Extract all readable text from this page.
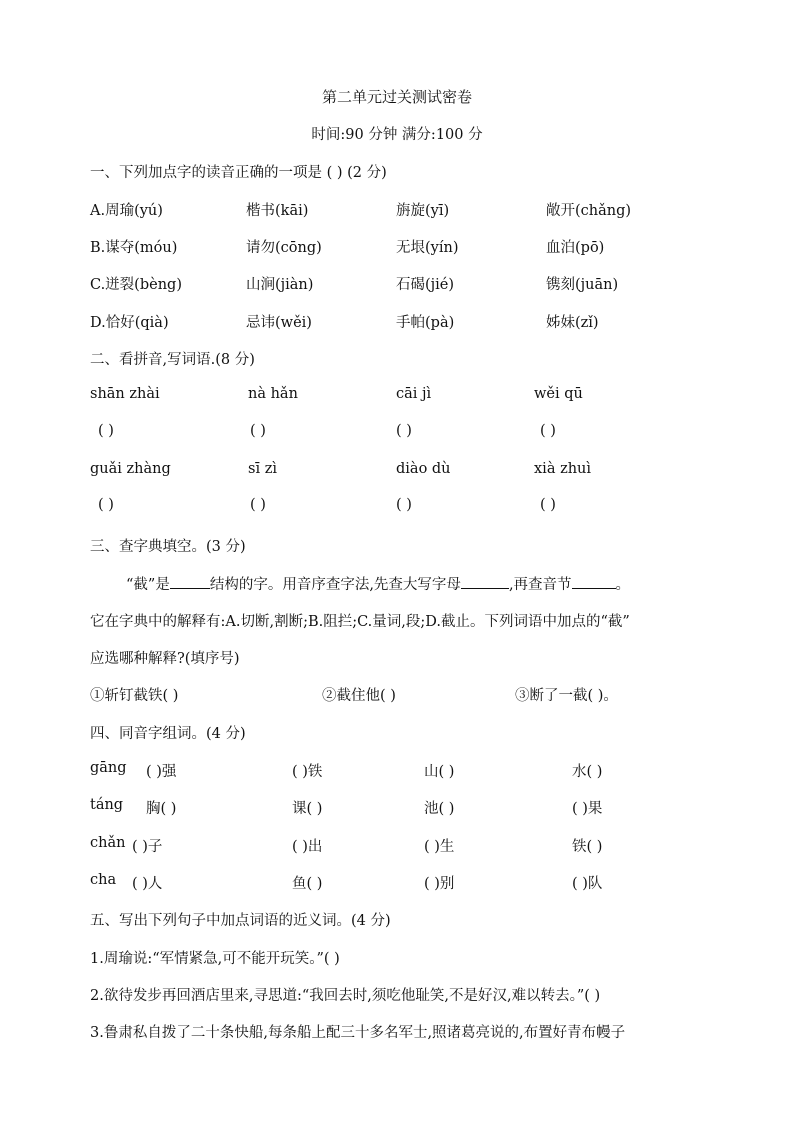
第二单元过关测试密卷
时间:90 分钟 满分:100 分
一、下列加点字的读音正确的一项是 ( ) (2 分)
A.周瑜(yú)	楷书(kāi)	旃旋(yī)	敞开(chǎng)
B.谋夺(móu)	请勿(cōng)	无垠(yín)	血泊(pō)
C.迸裂(bèng)	山涧(jiàn)	石碣(jié)	镌刻(juān)
D.恰好(qià)	忌讳(wěi)	手帕(pà)	姊妹(zǐ)
二、看拼音,写词语.(8 分)
shān zhài	nà hǎn	cāi jì	wěi qū
( )	( )	( )	( )
guǎi zhàng	sī zì	diào dù	xià zhuì
( )	( )	( )	( )
三、查字典填空。(3 分)
“截”是	结构的字。用音序查字法,先查大写字母	,再查音节	。
它在字典中的解释有:A.切断,割断;B.阻拦;C.量词,段;D.截止。下列词语中加点的“截”
应选哪种解释?(填序号)
①斩钉截铁( )	②截住他( )	③断了一截( )。
四、同音字组词。(4 分)
gāng ( )强	( )铁	山( )	水( )
táng 胸( )	课( )	池( )	( )果
chǎn ( )子	( )出	( )生	铁( )
cha ( )人	鱼( )	( )别	( )队
五、写出下列句子中加点词语的近义词。(4 分)
1.周瑜说:“军情紧急,可不能开玩笑。”( )
2.欲待发步再回酒店里来,寻思道:“我回去时,须吃他耻笑,不是好汉,难以转去。”( )
3.鲁肃私自拨了二十条快船,每条船上配三十多名军士,照诸葛亮说的,布置好青布幔子
